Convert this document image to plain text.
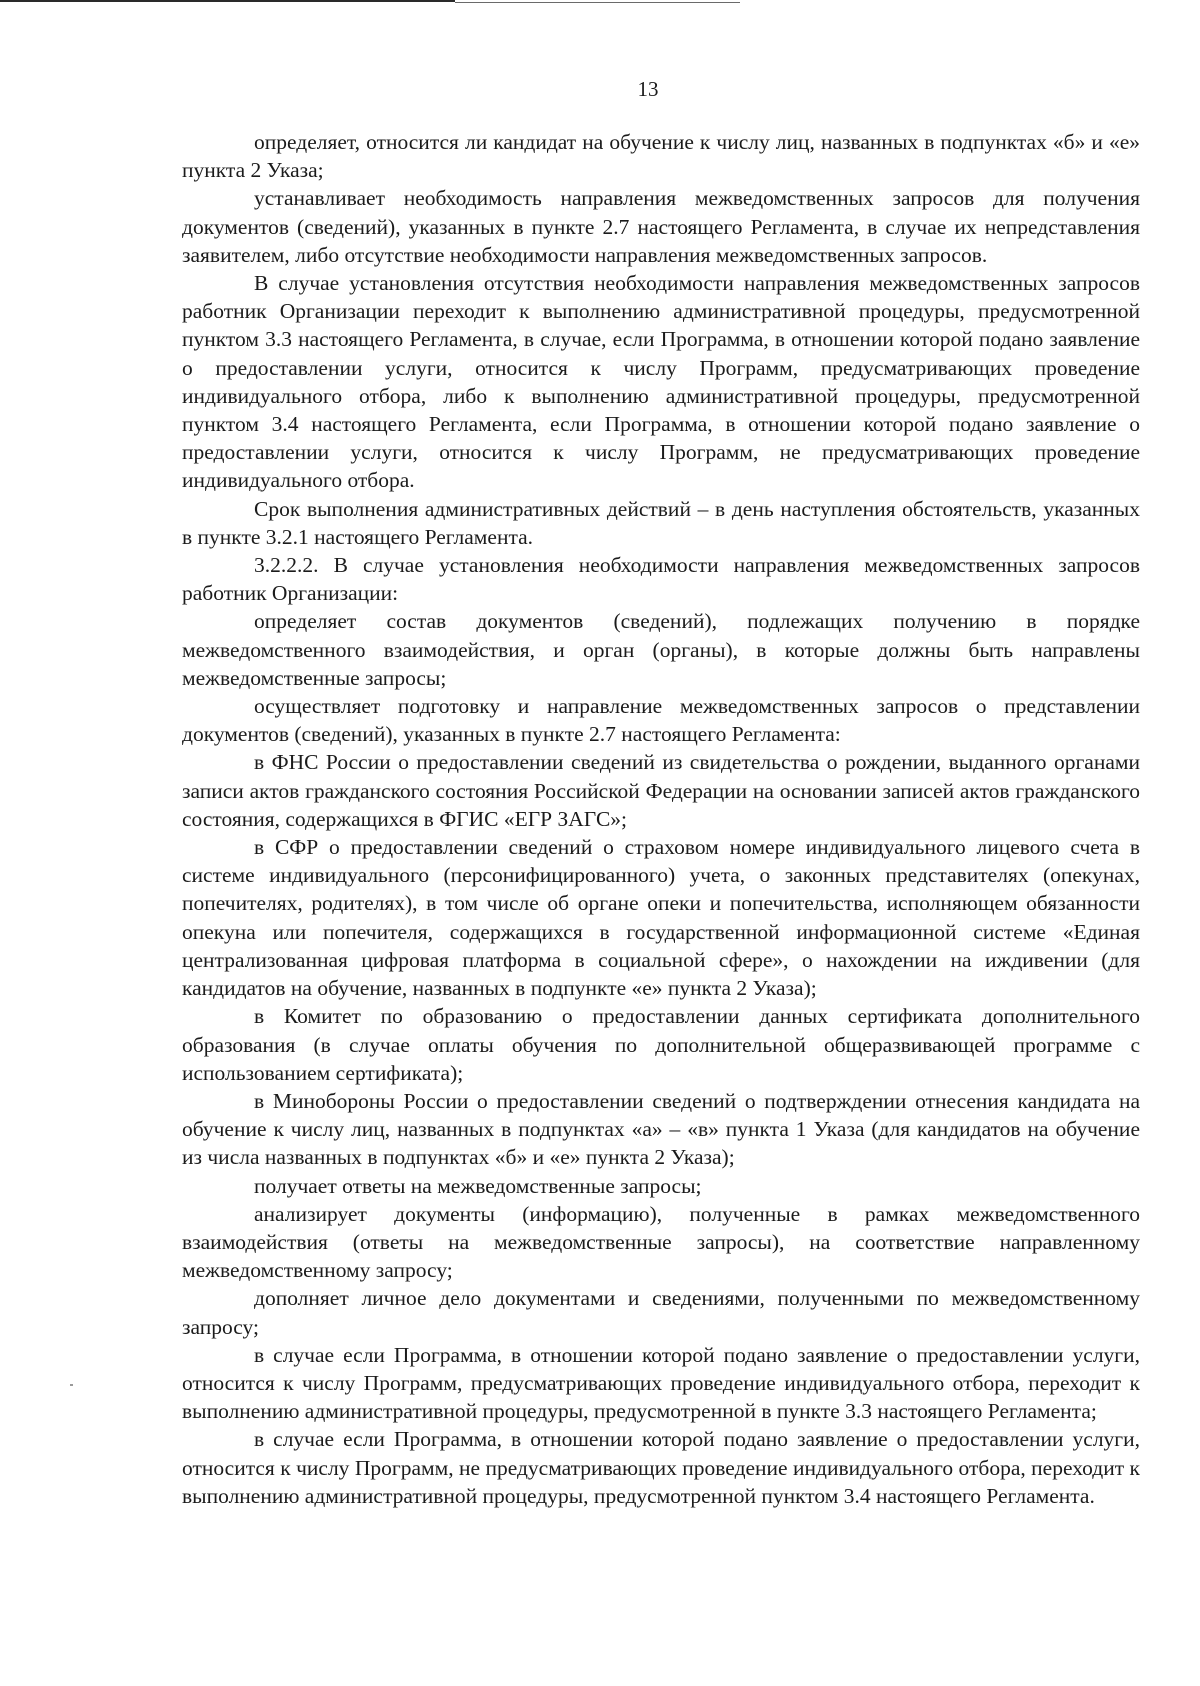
13

определяет, относится ли кандидат на обучение к числу лиц, названных в подпунктах «б» и «е» пункта 2 Указа;

устанавливает необходимость направления межведомственных запросов для получения документов (сведений), указанных в пункте 2.7 настоящего Регламента, в случае их непредставления заявителем, либо отсутствие необходимости направления межведомственных запросов.

В случае установления отсутствия необходимости направления межведомственных запросов работник Организации переходит к выполнению административной процедуры, предусмотренной пунктом 3.3 настоящего Регламента, в случае, если Программа, в отношении которой подано заявление о предоставлении услуги, относится к числу Программ, предусматривающих проведение индивидуального отбора, либо к выполнению административной процедуры, предусмотренной пунктом 3.4 настоящего Регламента, если Программа, в отношении которой подано заявление о предоставлении услуги, относится к числу Программ, не предусматривающих проведение индивидуального отбора.

Срок выполнения административных действий – в день наступления обстоятельств, указанных в пункте 3.2.1 настоящего Регламента.

3.2.2.2. В случае установления необходимости направления межведомственных запросов работник Организации:

определяет состав документов (сведений), подлежащих получению в порядке межведомственного взаимодействия, и орган (органы), в которые должны быть направлены межведомственные запросы;

осуществляет подготовку и направление межведомственных запросов о представлении документов (сведений), указанных в пункте 2.7 настоящего Регламента:

в ФНС России о предоставлении сведений из свидетельства о рождении, выданного органами записи актов гражданского состояния Российской Федерации на основании записей актов гражданского состояния, содержащихся в ФГИС «ЕГР ЗАГС»;

в СФР о предоставлении сведений о страховом номере индивидуального лицевого счета в системе индивидуального (персонифицированного) учета, о законных представителях (опекунах, попечителях, родителях), в том числе об органе опеки и попечительства, исполняющем обязанности опекуна или попечителя, содержащихся в государственной информационной системе «Единая централизованная цифровая платформа в социальной сфере», о нахождении на иждивении (для кандидатов на обучение, названных в подпункте «е» пункта 2 Указа);

в Комитет по образованию о предоставлении данных сертификата дополнительного образования (в случае оплаты обучения по дополнительной общеразвивающей программе с использованием сертификата);

в Минобороны России о предоставлении сведений о подтверждении отнесения кандидата на обучение к числу лиц, названных в подпунктах «а» – «в» пункта 1 Указа (для кандидатов на обучение из числа названных в подпунктах «б» и «е» пункта 2 Указа);

получает ответы на межведомственные запросы;

анализирует документы (информацию), полученные в рамках межведомственного взаимодействия (ответы на межведомственные запросы), на соответствие направленному межведомственному запросу;

дополняет личное дело документами и сведениями, полученными по межведомственному запросу;

в случае если Программа, в отношении которой подано заявление о предоставлении услуги, относится к числу Программ, предусматривающих проведение индивидуального отбора, переходит к выполнению административной процедуры, предусмотренной в пункте 3.3 настоящего Регламента;

в случае если Программа, в отношении которой подано заявление о предоставлении услуги, относится к числу Программ, не предусматривающих проведение индивидуального отбора, переходит к выполнению административной процедуры, предусмотренной пунктом 3.4 настоящего Регламента.
